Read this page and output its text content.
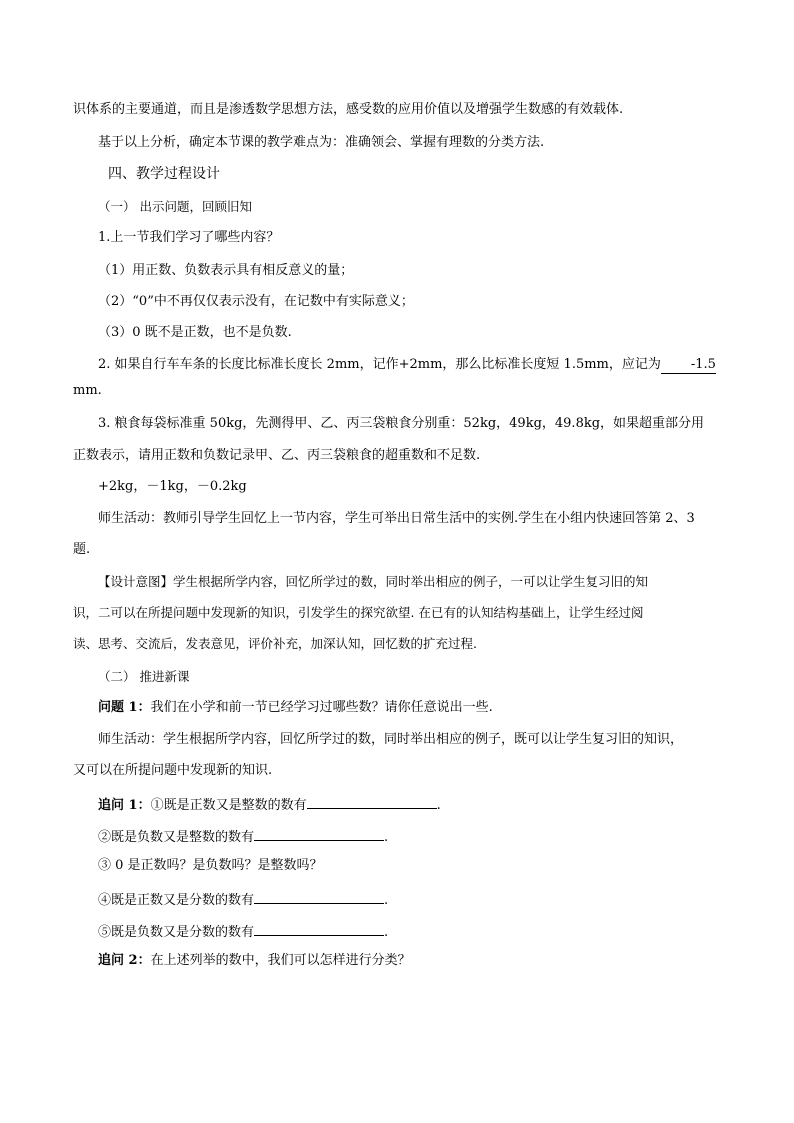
识体系的主要通道，而且是渗透数学思想方法，感受数的应用价值以及增强学生数感的有效载体.
基于以上分析，确定本节课的教学难点为：准确领会、掌握有理数的分类方法.
四、教学过程设计
（一） 出示问题，回顾旧知
1.上一节我们学习了哪些内容？
（1）用正数、负数表示具有相反意义的量；
（2）“0”中不再仅仅表示没有，在记数中有实际意义；
（3）0 既不是正数，也不是负数.
2. 如果自行车车条的长度比标准长度长 2mm，记作+2mm，那么比标准长度短 1.5mm，应记为 -1.5
mm.
3. 粮食每袋标准重 50kg，先测得甲、乙、丙三袋粮食分别重：52kg，49kg，49.8kg，如果超重部分用
正数表示，请用正数和负数记录甲、乙、丙三袋粮食的超重数和不足数.
+2kg，－1kg，－0.2kg
师生活动：教师引导学生回忆上一节内容，学生可举出日常生活中的实例.学生在小组内快速回答第 2、3
题.
【设计意图】学生根据所学内容，回忆所学过的数，同时举出相应的例子，一可以让学生复习旧的知
识，二可以在所提问题中发现新的知识，引发学生的探究欲望. 在已有的认知结构基础上，让学生经过阅
读、思考、交流后，发表意见，评价补充，加深认知，回忆数的扩充过程.
（二） 推进新课
问题 1：我们在小学和前一节已经学习过哪些数？请你任意说出一些.
师生活动：学生根据所学内容，回忆所学过的数，同时举出相应的例子，既可以让学生复习旧的知识，
又可以在所提问题中发现新的知识.
追问 1：①既是正数又是整数的数有	.
②既是负数又是整数的数有	.
③ 0 是正数吗？是负数吗？是整数吗？
④既是正数又是分数的数有	.
⑤既是负数又是分数的数有	.
追问 2：在上述列举的数中，我们可以怎样进行分类？
